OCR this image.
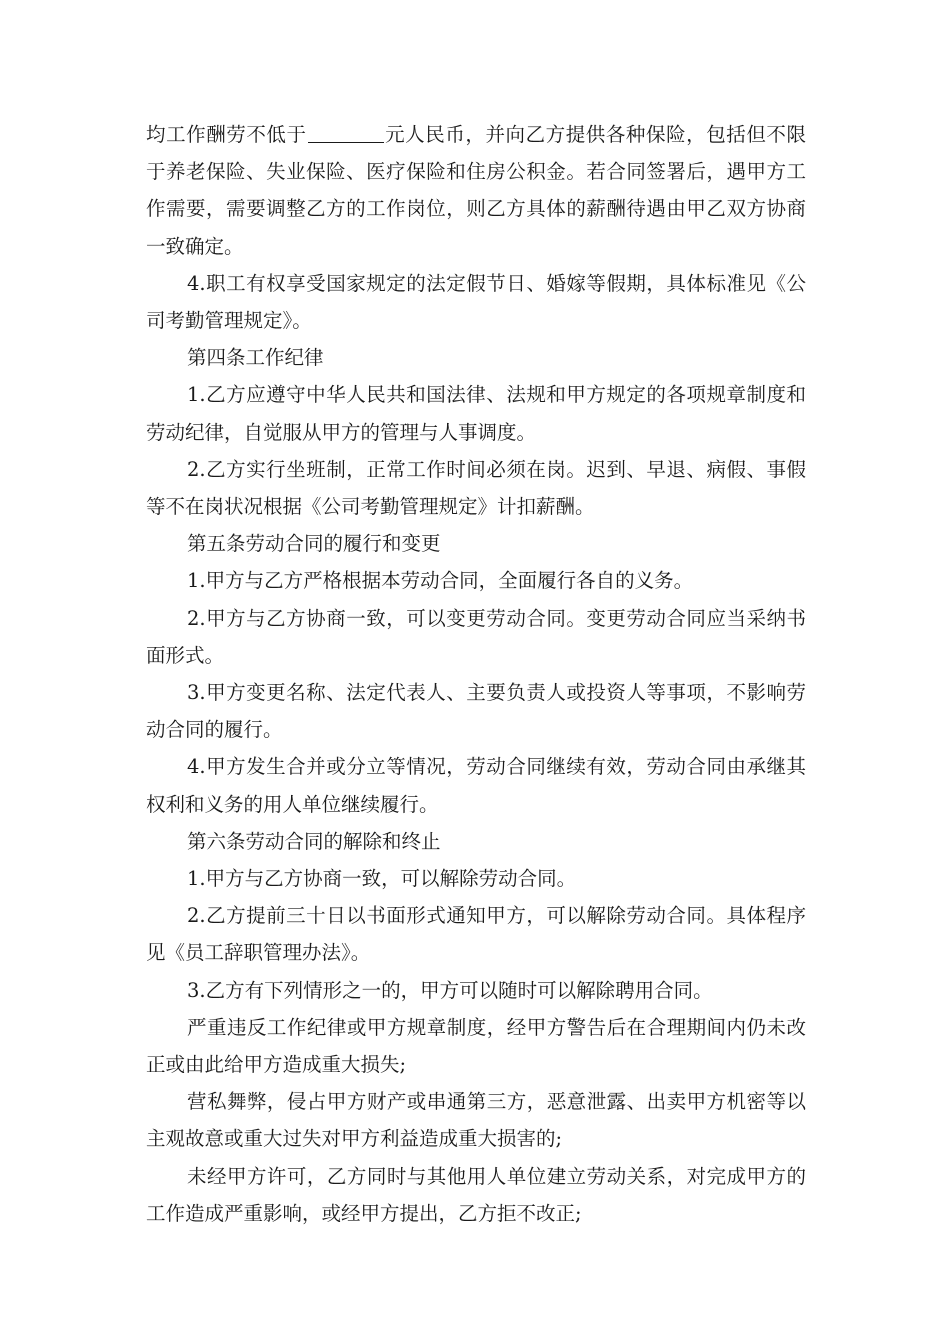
均工作酬劳不低于	元人民币，并向乙方提供各种保险，包括但不限于养老保险、失业保险、医疗保险和住房公积金。若合同签署后，遇甲方工作需要，需要调整乙方的工作岗位，则乙方具体的薪酬待遇由甲乙双方协商一致确定。

4.职工有权享受国家规定的法定假节日、婚嫁等假期，具体标准见《公司考勤管理规定》。

第四条工作纪律

1.乙方应遵守中华人民共和国法律、法规和甲方规定的各项规章制度和劳动纪律，自觉服从甲方的管理与人事调度。

2.乙方实行坐班制，正常工作时间必须在岗。迟到、早退、病假、事假等不在岗状况根据《公司考勤管理规定》计扣薪酬。

第五条劳动合同的履行和变更

1.甲方与乙方严格根据本劳动合同，全面履行各自的义务。

2.甲方与乙方协商一致，可以变更劳动合同。变更劳动合同应当采纳书面形式。

3.甲方变更名称、法定代表人、主要负责人或投资人等事项，不影响劳动合同的履行。

4.甲方发生合并或分立等情况，劳动合同继续有效，劳动合同由承继其权利和义务的用人单位继续履行。

第六条劳动合同的解除和终止

1.甲方与乙方协商一致，可以解除劳动合同。

2.乙方提前三十日以书面形式通知甲方，可以解除劳动合同。具体程序见《员工辞职管理办法》。

3.乙方有下列情形之一的，甲方可以随时可以解除聘用合同。

严重违反工作纪律或甲方规章制度，经甲方警告后在合理期间内仍未改正或由此给甲方造成重大损失;

营私舞弊，侵占甲方财产或串通第三方，恶意泄露、出卖甲方机密等以主观故意或重大过失对甲方利益造成重大损害的;

未经甲方许可，乙方同时与其他用人单位建立劳动关系，对完成甲方的工作造成严重影响，或经甲方提出，乙方拒不改正;
